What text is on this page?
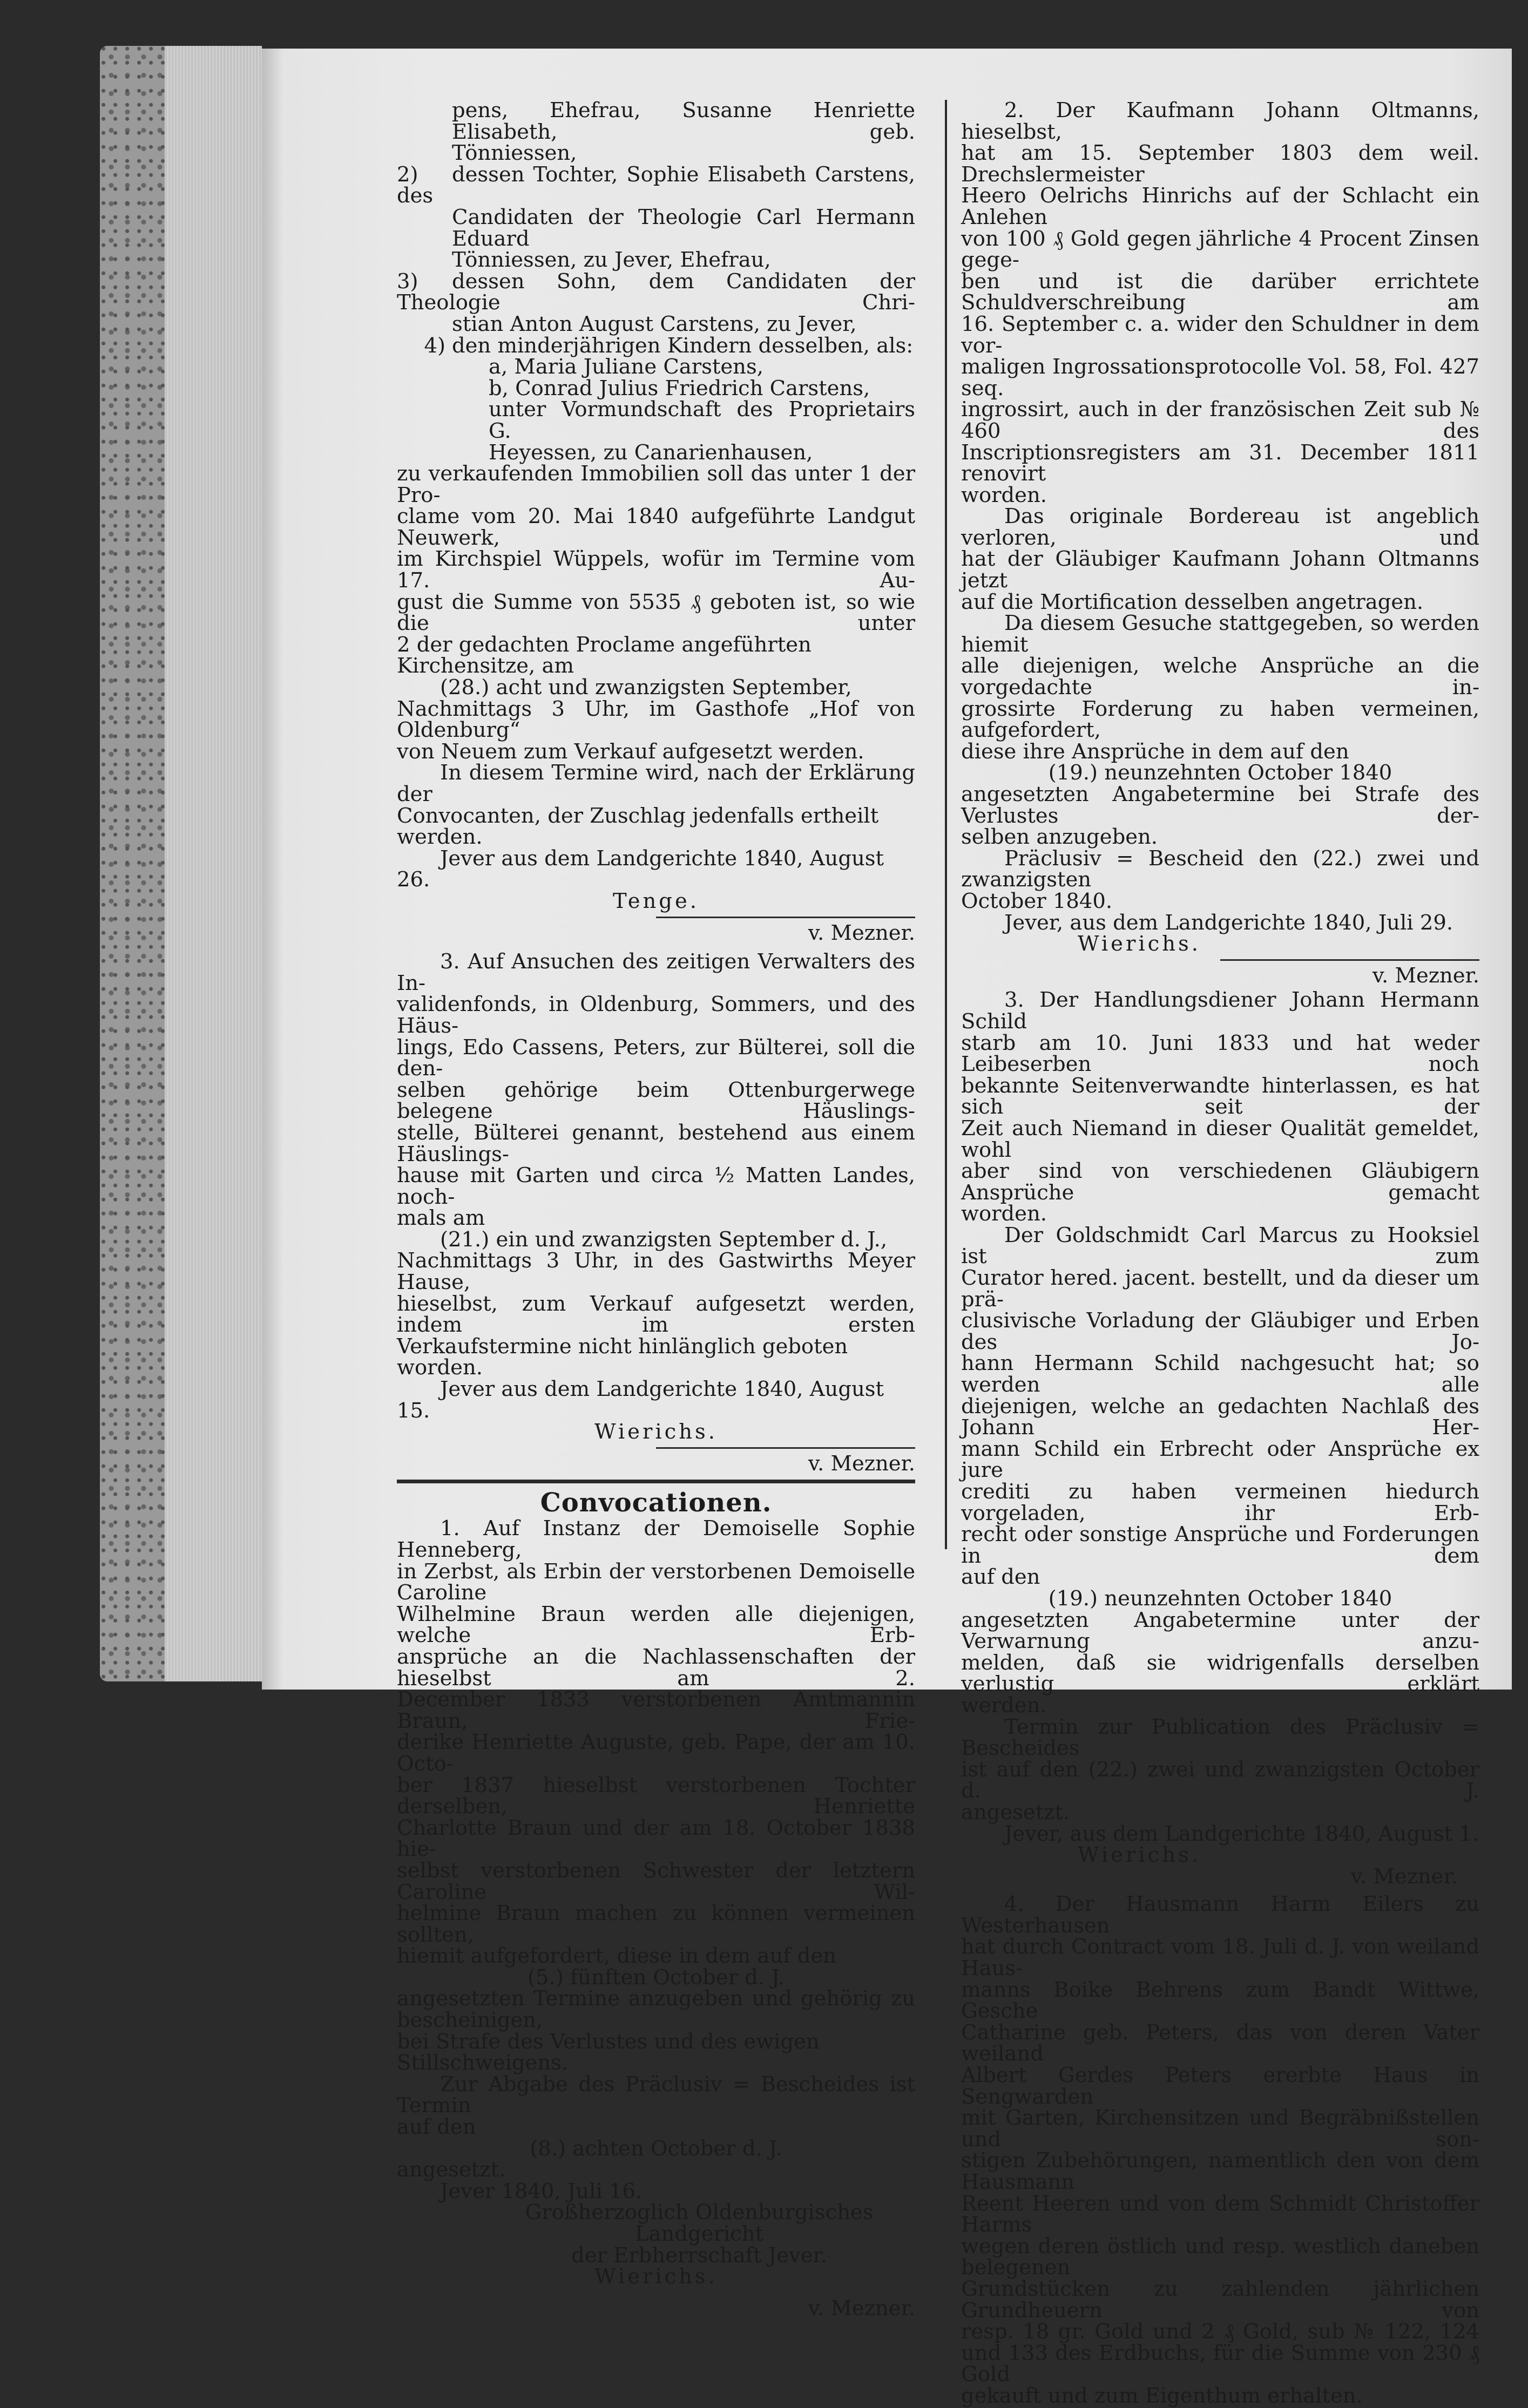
pens, Ehefrau, Susanne Henriette Elisabeth, geb.

Tönniessen,

2) dessen Tochter, Sophie Elisabeth Carstens, des

Candidaten der Theologie Carl Hermann Eduard

Tönniessen, zu Jever, Ehefrau,

3) dessen Sohn, dem Candidaten der Theologie Chri-

stian Anton August Carstens, zu Jever,

4) den minderjährigen Kindern desselben, als:

a, Maria Juliane Carstens,

b, Conrad Julius Friedrich Carstens,

unter Vormundschaft des Proprietairs G.

Heyessen, zu Canarienhausen,

zu verkaufenden Immobilien soll das unter 1 der Pro-

clame vom 20. Mai 1840 aufgeführte Landgut Neuwerk,

im Kirchspiel Wüppels, wofür im Termine vom 17. Au-

gust die Summe von 5535 ₰ geboten ist, so wie die unter

2 der gedachten Proclame angeführten Kirchensitze, am

(28.) acht und zwanzigsten September,

Nachmittags 3 Uhr, im Gasthofe „Hof von Oldenburg“

von Neuem zum Verkauf aufgesetzt werden.

In diesem Termine wird, nach der Erklärung der

Convocanten, der Zuschlag jedenfalls ertheilt werden.

Jever aus dem Landgerichte 1840, August 26.

Tenge.

v. Mezner.

3. Auf Ansuchen des zeitigen Verwalters des In-

validenfonds, in Oldenburg, Sommers, und des Häus-

lings, Edo Cassens, Peters, zur Bülterei, soll die den-

selben gehörige beim Ottenburgerwege belegene Häuslings-

stelle, Bülterei genannt, bestehend aus einem Häuslings-

hause mit Garten und circa ½ Matten Landes, noch-

mals am

(21.) ein und zwanzigsten September d. J.,

Nachmittags 3 Uhr, in des Gastwirths Meyer Hause,

hieselbst, zum Verkauf aufgesetzt werden, indem im ersten

Verkaufstermine nicht hinlänglich geboten worden.

Jever aus dem Landgerichte 1840, August 15.

Wierichs.

v. Mezner.

Convocationen.

1. Auf Instanz der Demoiselle Sophie Henneberg,

in Zerbst, als Erbin der verstorbenen Demoiselle Caroline

Wilhelmine Braun werden alle diejenigen, welche Erb-

ansprüche an die Nachlassenschaften der hieselbst am 2.

December 1833 verstorbenen Amtmannin Braun, Frie-

derike Henriette Auguste, geb. Pape, der am 10. Octo-

ber 1837 hieselbst verstorbenen Tochter derselben, Henriette

Charlotte Braun und der am 18. October 1838 hie-

selbst verstorbenen Schwester der letztern Caroline Wil-

helmine Braun machen zu können vermeinen sollten,

hiemit aufgefordert, diese in dem auf den

(5.) fünften October d. J.

angesetzten Termine anzugeben und gehörig zu bescheinigen,

bei Strafe des Verlustes und des ewigen Stillschweigens.

Zur Abgabe des Präclusiv = Bescheides ist Termin

auf den

(8.) achten October d. J.

angesetzt.

Jever 1840, Juli 16.

Großherzoglich Oldenburgisches Landgericht

der Erbherrschaft Jever.

Wierichs.

v. Mezner.

2. Der Kaufmann Johann Oltmanns, hieselbst,

hat am 15. September 1803 dem weil. Drechslermeister

Heero Oelrichs Hinrichs auf der Schlacht ein Anlehen

von 100 ₰ Gold gegen jährliche 4 Procent Zinsen gege-

ben und ist die darüber errichtete Schuldverschreibung am

16. September c. a. wider den Schuldner in dem vor-

maligen Ingrossationsprotocolle Vol. 58, Fol. 427 seq.

ingrossirt, auch in der französischen Zeit sub № 460 des

Inscriptionsregisters am 31. December 1811 renovirt

worden.

Das originale Bordereau ist angeblich verloren, und

hat der Gläubiger Kaufmann Johann Oltmanns jetzt

auf die Mortification desselben angetragen.

Da diesem Gesuche stattgegeben, so werden hiemit

alle diejenigen, welche Ansprüche an die vorgedachte in-

grossirte Forderung zu haben vermeinen, aufgefordert,

diese ihre Ansprüche in dem auf den

(19.) neunzehnten October 1840

angesetzten Angabetermine bei Strafe des Verlustes der-

selben anzugeben.

Präclusiv = Bescheid den (22.) zwei und zwanzigsten

October 1840.

Jever, aus dem Landgerichte 1840, Juli 29.

Wierichs.

v. Mezner.

3. Der Handlungsdiener Johann Hermann Schild

starb am 10. Juni 1833 und hat weder Leibeserben noch

bekannte Seitenverwandte hinterlassen, es hat sich seit der

Zeit auch Niemand in dieser Qualität gemeldet, wohl

aber sind von verschiedenen Gläubigern Ansprüche gemacht

worden.

Der Goldschmidt Carl Marcus zu Hooksiel ist zum

Curator hered. jacent. bestellt, und da dieser um prä-

clusivische Vorladung der Gläubiger und Erben des Jo-

hann Hermann Schild nachgesucht hat; so werden alle

diejenigen, welche an gedachten Nachlaß des Johann Her-

mann Schild ein Erbrecht oder Ansprüche ex jure

crediti zu haben vermeinen hiedurch vorgeladen, ihr Erb-

recht oder sonstige Ansprüche und Forderungen in dem

auf den

(19.) neunzehnten October 1840

angesetzten Angabetermine unter der Verwarnung anzu-

melden, daß sie widrigenfalls derselben verlustig erklärt

werden.

Termin zur Publication des Präclusiv = Bescheides

ist auf den (22.) zwei und zwanzigsten October d. J.

angesetzt.

Jever, aus dem Landgerichte 1840, August 1.

Wierichs.

v. Mezner.

4. Der Hausmann Harm Eilers zu Westerhausen

hat durch Contract vom 18. Juli d. J. von weiland Haus-

manns Boike Behrens zum Bandt Wittwe, Gesche

Catharine geb. Peters, das von deren Vater weiland

Albert Gerdes Peters ererbte Haus in Sengwarden

mit Garten, Kirchensitzen und Begräbnißstellen und son-

stigen Zubehörungen, namentlich den von dem Hausmann

Reent Heeren und von dem Schmidt Christoffer Harms

wegen deren östlich und resp. westlich daneben belegenen

Grundstücken zu zahlenden jährlichen Grundheuern von

resp. 18 gr. Gold und 2 ₰ Gold, sub № 122, 124

und 133 des Erdbuchs, für die Summe von 230 ₰ Gold

gekauft und zum Eigenthum erhalten.
